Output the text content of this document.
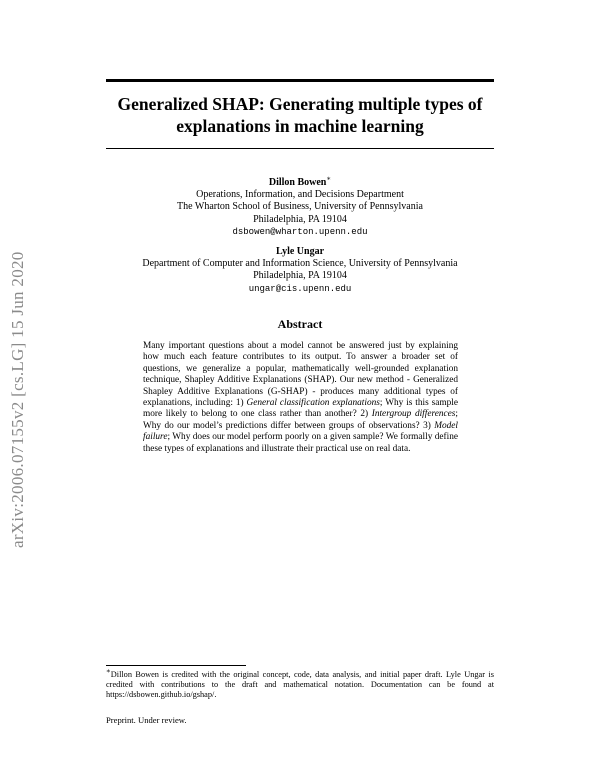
arXiv:2006.07155v2 [cs.LG] 15 Jun 2020
Generalized SHAP: Generating multiple types of
explanations in machine learning
Dillon Bowen∗
Operations, Information, and Decisions Department
The Wharton School of Business, University of Pennsylvania
Philadelphia, PA 19104
dsbowen@wharton.upenn.edu
Lyle Ungar
Department of Computer and Information Science, University of Pennsylvania
Philadelphia, PA 19104
ungar@cis.upenn.edu
Abstract
Many important questions about a model cannot be answered just by explaining how much each feature contributes to its output. To answer a broader set of questions, we generalize a popular, mathematically well-grounded explanation technique, Shapley Additive Explanations (SHAP). Our new method - Generalized Shapley Additive Explanations (G-SHAP) - produces many additional types of explanations, including: 1) General classification explanations; Why is this sample more likely to belong to one class rather than another? 2) Intergroup differences; Why do our model’s predictions differ between groups of observations? 3) Model failure; Why does our model perform poorly on a given sample? We formally define these types of explanations and illustrate their practical use on real data.
∗Dillon Bowen is credited with the original concept, code, data analysis, and initial paper draft. Lyle Ungar is credited with contributions to the draft and mathematical notation. Documentation can be found at https://dsbowen.github.io/gshap/.
Preprint. Under review.
